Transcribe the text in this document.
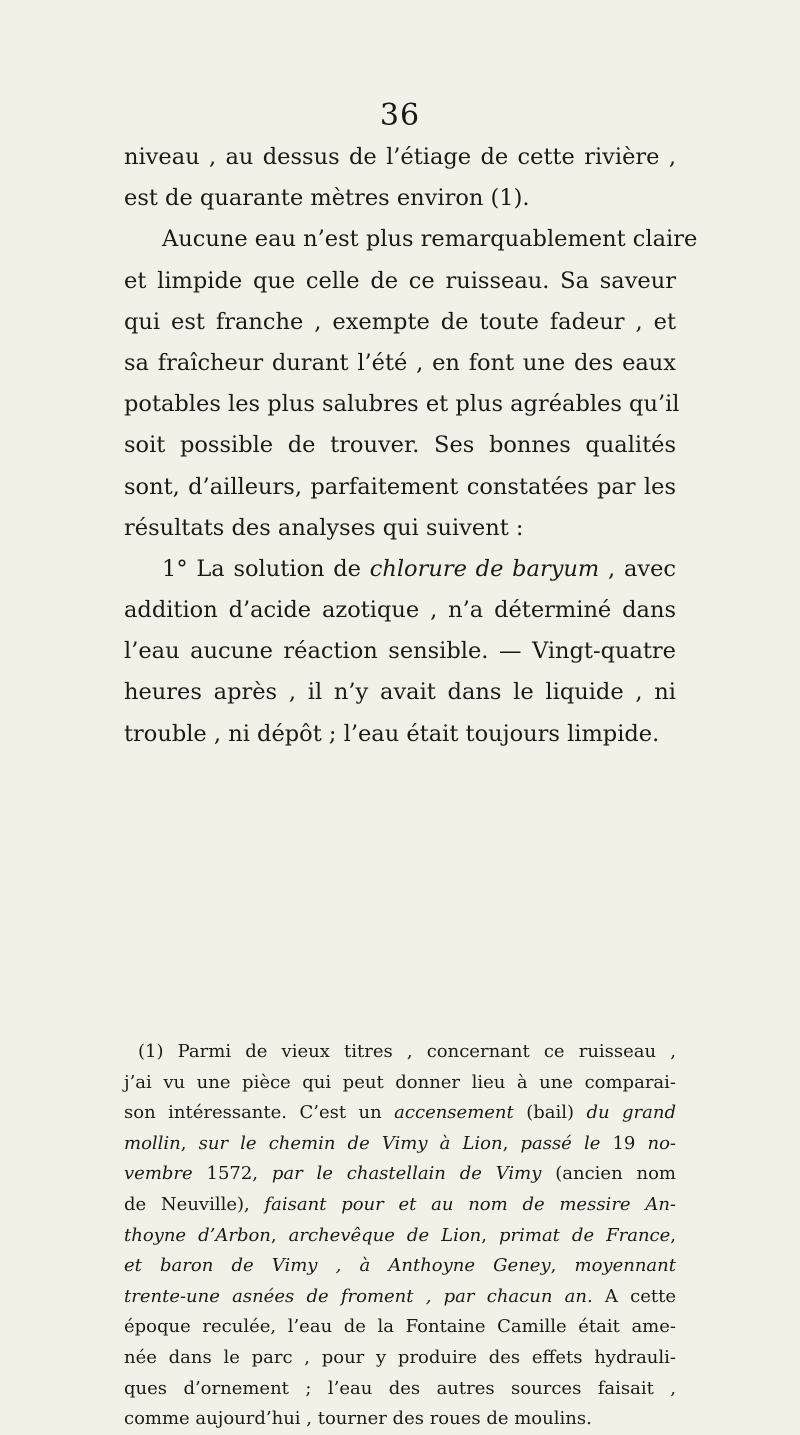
36
niveau , au dessus de l’étiage de cette rivière ,
est de quarante mètres environ (1).
Aucune eau n’est plus remarquablement claire
et limpide que celle de ce ruisseau. Sa saveur
qui est franche , exempte de toute fadeur , et
sa fraîcheur durant l’été , en font une des eaux
potables les plus salubres et plus agréables qu’il
soit possible de trouver. Ses bonnes qualités
sont, d’ailleurs, parfaitement constatées par les
résultats des analyses qui suivent :
1° La solution de chlorure de baryum , avec
addition d’acide azotique , n’a déterminé dans
l’eau aucune réaction sensible. — Vingt-quatre
heures après , il n’y avait dans le liquide , ni
trouble , ni dépôt ; l’eau était toujours limpide.
(1) Parmi de vieux titres , concernant ce ruisseau ,
j’ai vu une pièce qui peut donner lieu à une comparai-
son intéressante. C’est un accensement (bail) du grand
mollin, sur le chemin de Vimy à Lion, passé le 19 no-
vembre 1572, par le chastellain de Vimy (ancien nom
de Neuville), faisant pour et au nom de messire An-
thoyne d’Arbon, archevêque de Lion, primat de France,
et baron de Vimy , à Anthoyne Geney, moyennant
trente-une asnées de froment , par chacun an. A cette
époque reculée, l’eau de la Fontaine Camille était ame-
née dans le parc , pour y produire des effets hydrauli-
ques d’ornement ; l’eau des autres sources faisait ,
comme aujourd’hui , tourner des roues de moulins.
